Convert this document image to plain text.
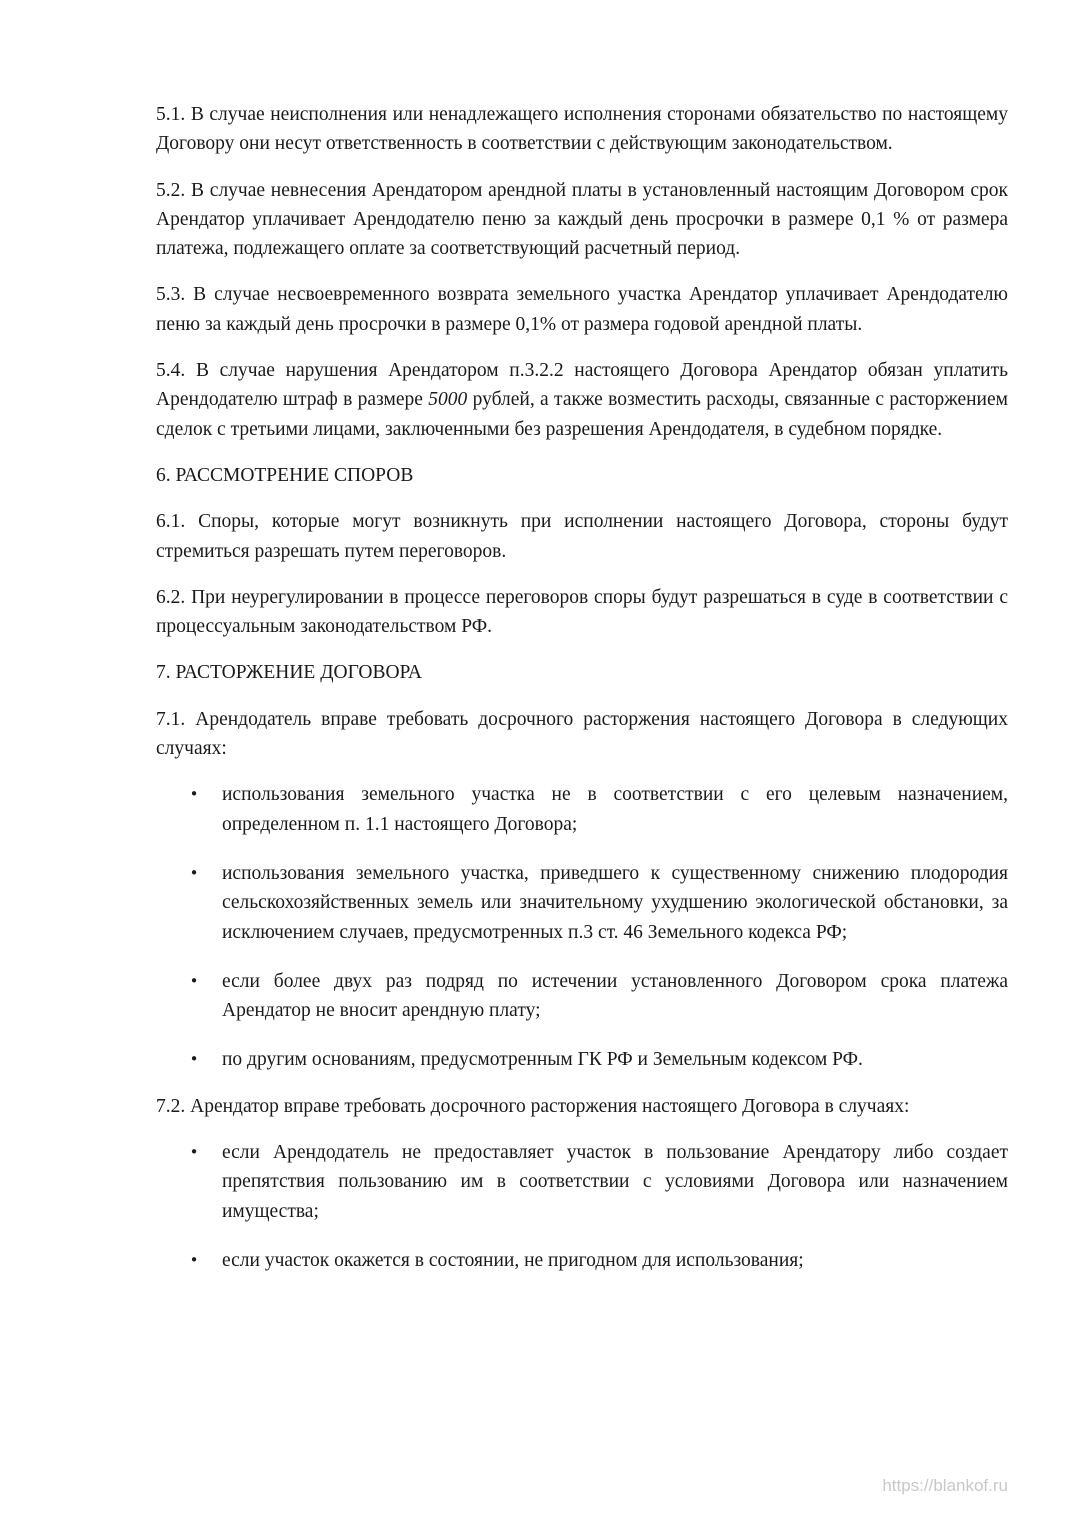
5.1. В случае неисполнения или ненадлежащего исполнения сторонами обязательство по настоящему Договору они несут ответственность в соответствии с действующим законодательством.

5.2. В случае невнесения Арендатором арендной платы в установленный настоящим Договором срок Арендатор уплачивает Арендодателю пеню за каждый день просрочки в размере 0,1 % от размера платежа, подлежащего оплате за соответствующий расчетный период.

5.3. В случае несвоевременного возврата земельного участка Арендатор уплачивает Арендодателю пеню за каждый день просрочки в размере 0,1% от размера годовой арендной платы.

5.4. В случае нарушения Арендатором п.3.2.2 настоящего Договора Арендатор обязан уплатить Арендодателю штраф в размере 5000 рублей, а также возместить расходы, связанные с расторжением сделок с третьими лицами, заключенными без разрешения Арендодателя, в судебном порядке.

6. РАССМОТРЕНИЕ СПОРОВ

6.1. Споры, которые могут возникнуть при исполнении настоящего Договора, стороны будут стремиться разрешать путем переговоров.

6.2. При неурегулировании в процессе переговоров споры будут разрешаться в суде в соответствии с процессуальным законодательством РФ.

7. РАСТОРЖЕНИЕ ДОГОВОРА

7.1. Арендодатель вправе требовать досрочного расторжения настоящего Договора в следующих случаях:

• использования земельного участка не в соответствии с его целевым назначением, определенном п. 1.1 настоящего Договора;
• использования земельного участка, приведшего к существенному снижению плодородия сельскохозяйственных земель или значительному ухудшению экологической обстановки, за исключением случаев, предусмотренных п.3 ст. 46 Земельного кодекса РФ;
• если более двух раз подряд по истечении установленного Договором срока платежа Арендатор не вносит арендную плату;
• по другим основаниям, предусмотренным ГК РФ и Земельным кодексом РФ.

7.2. Арендатор вправе требовать досрочного расторжения настоящего Договора в случаях:

• если Арендодатель не предоставляет участок в пользование Арендатору либо создает препятствия пользованию им в соответствии с условиями Договора или назначением имущества;
• если участок окажется в состоянии, не пригодном для использования;
https://blankof.ru
